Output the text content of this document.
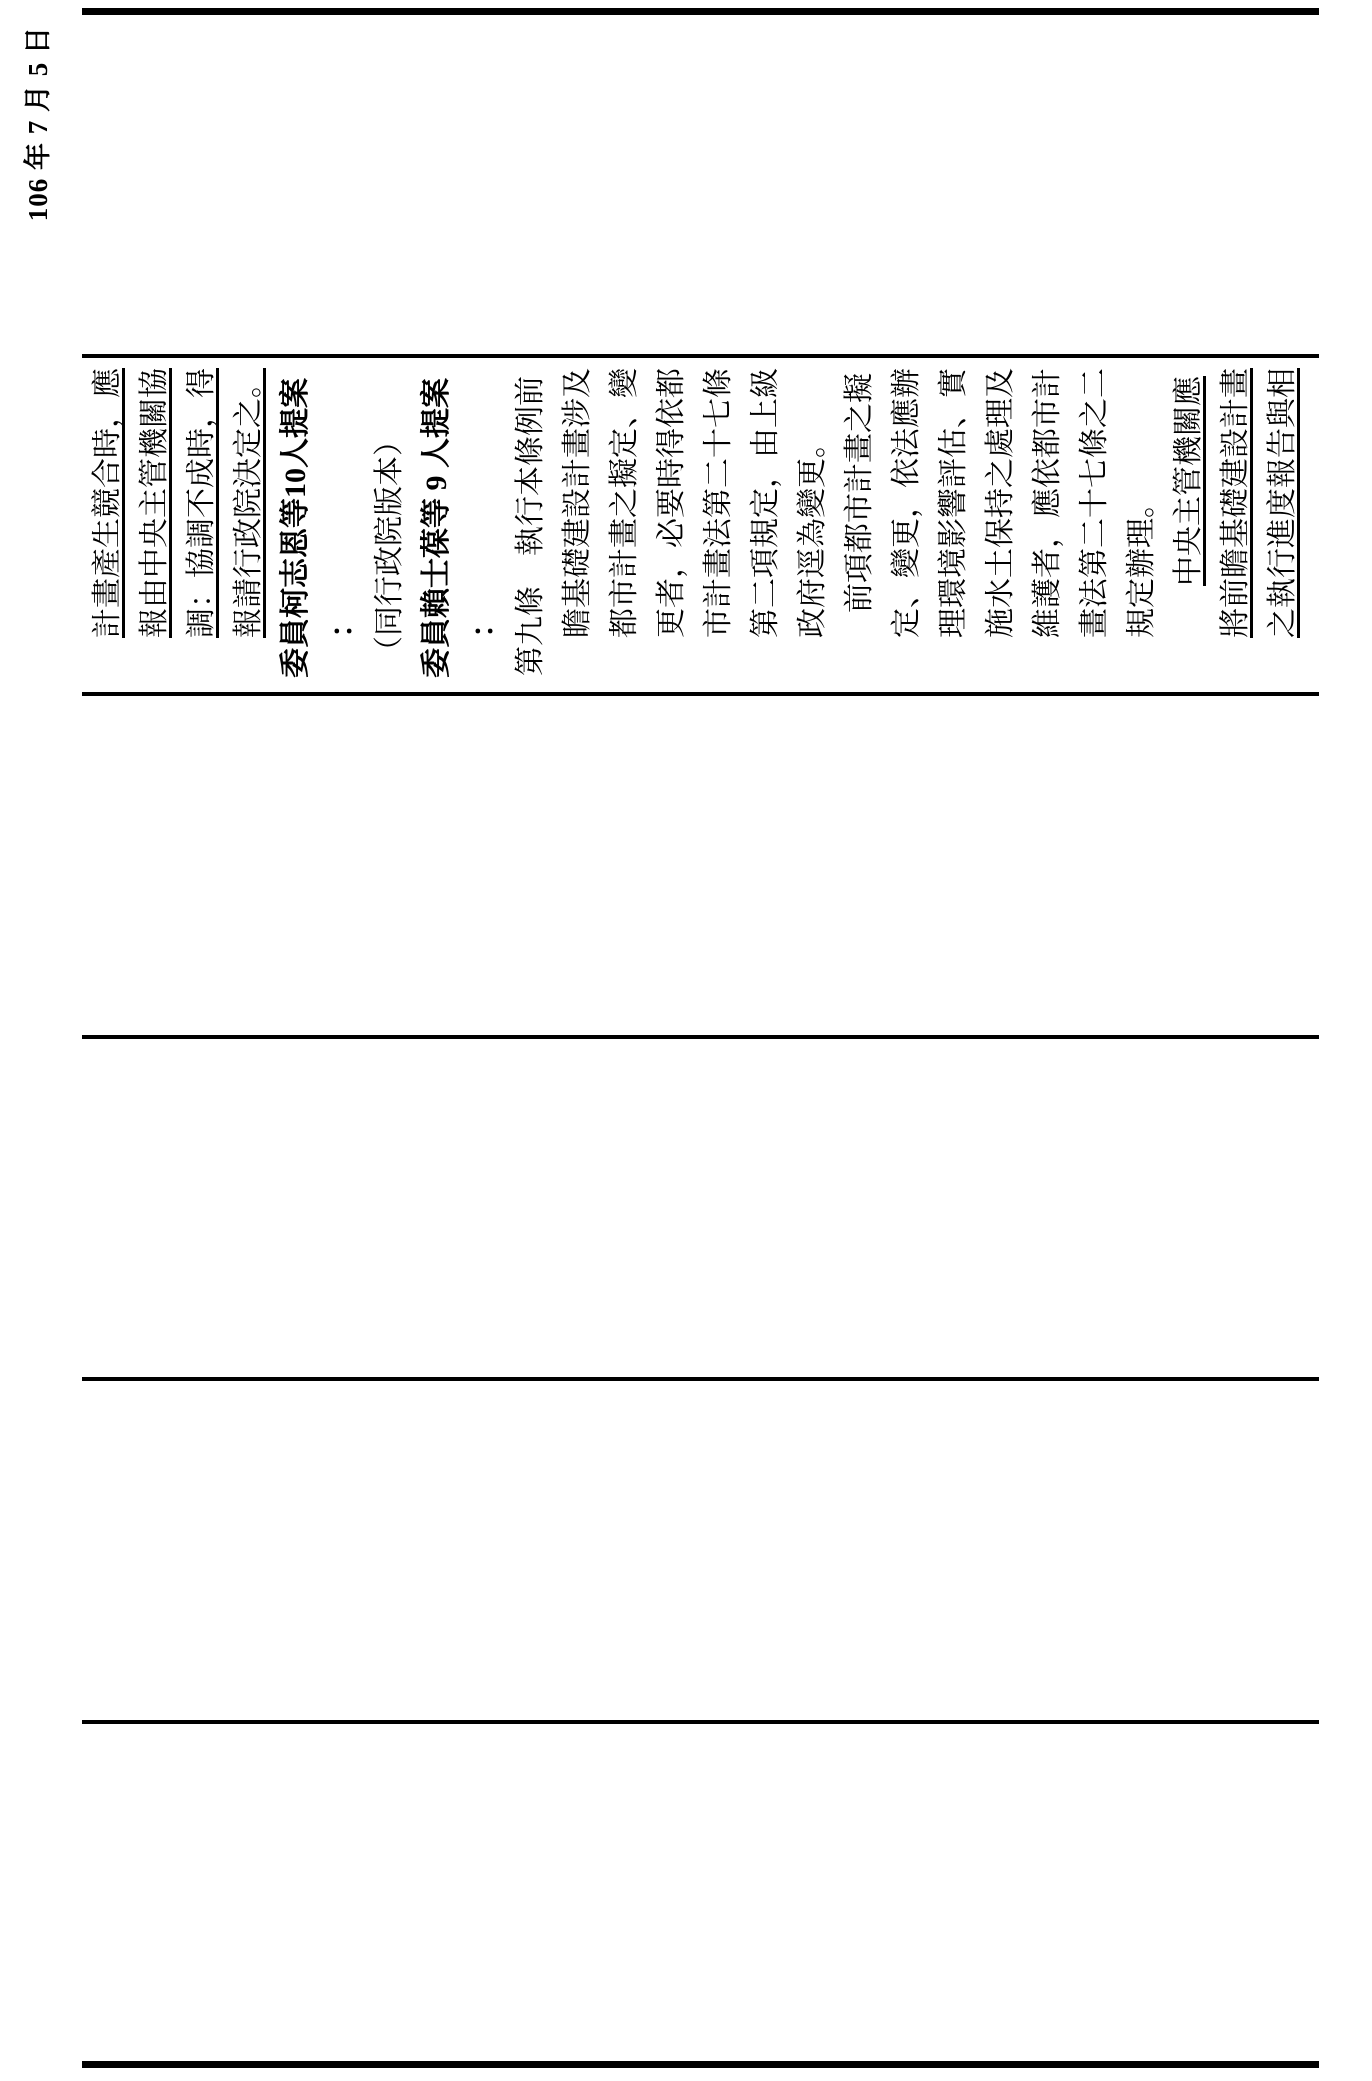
106 年 7 月 5 日
計畫產生競合時，應 報由中央主管機關協 調：協調不成時，得 報請行政院決定之。 委員柯志恩等10人提案 ： （同行政院版本） 委員賴士葆等 9 人提案 ： 第九條　執行本條例前 瞻基礎建設計畫涉及 都市計畫之擬定、變 更者，必要時得依都 市計畫法第二十七條 第二項規定，由上級 政府逕為變更。 前項都市計畫之擬 定、變更，依法應辦 理環境影響評估、實 施水土保持之處理及 維護者，應依都市計 畫法第二十七條之二 規定辦理。 中央主管機關應 將前瞻基礎建設計畫 之執行進度報告與相
